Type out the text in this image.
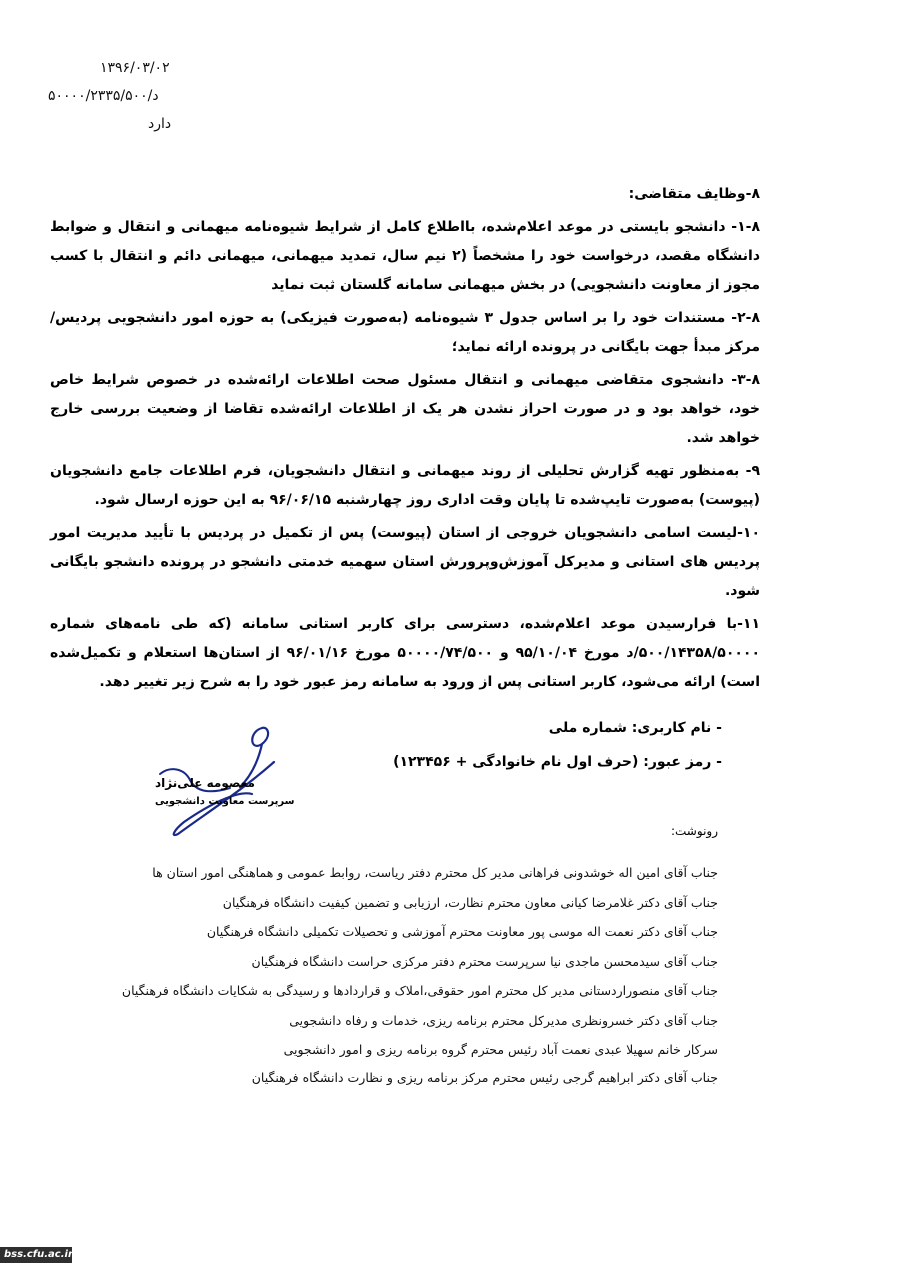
۱۳۹۶/۰۳/۰۲
د/۵۰۰۰۰/۲۳۳۵/۵۰۰
دارد
۸-وظایف متقاضی:
۱-۸- دانشجو بایستی در موعد اعلام‌شده، بااطلاع کامل از شرایط شیوه‌نامه میهمانی و انتقال و ضوابط دانشگاه مقصد، درخواست خود را مشخصاً (۲ نیم سال، تمدید میهمانی، میهمانی دائم و انتقال با کسب مجوز از معاونت دانشجویی) در بخش میهمانی سامانه گلستان ثبت نماید
۲-۸- مستندات خود را بر اساس جدول ۳ شیوه‌نامه (به‌صورت فیزیکی) به حوزه امور دانشجویی پردیس/مرکز مبدأ جهت بایگانی در پرونده ارائه نماید؛
۳-۸- دانشجوی متقاضی میهمانی و انتقال مسئول صحت اطلاعات ارائه‌شده در خصوص شرایط خاص خود، خواهد بود و در صورت احراز نشدن هر یک از اطلاعات ارائه‌شده تقاضا از وضعیت بررسی خارج خواهد شد.
۹- به‌منظور تهیه گزارش تحلیلی از روند میهمانی و انتقال دانشجویان، فرم اطلاعات جامع دانشجویان (پیوست) به‌صورت تایپ‌شده تا پایان وقت اداری روز چهارشنبه ۹۶/۰۶/۱۵ به این حوزه ارسال شود.
۱۰-لیست اسامی دانشجویان خروجی از استان (پیوست) پس از تکمیل در پردیس با تأیید مدیریت امور پردیس های استانی و مدیرکل آموزش‌وپرورش استان سهمیه خدمتی دانشجو در پرونده دانشجو بایگانی شود.
۱۱-با فرارسیدن موعد اعلام‌شده، دسترسی برای کاربر استانی سامانه (که طی نامه‌های شماره ۵۰۰/۱۴۳۵۸/۵۰۰۰۰/د مورخ ۹۵/۱۰/۰۴ و ۵۰۰۰۰/۷۴/۵۰۰ مورخ ۹۶/۰۱/۱۶ از استان‌ها استعلام و تکمیل‌شده است) ارائه می‌شود، کاربر استانی پس از ورود به سامانه رمز عبور خود را به شرح زیر تغییر دهد.
- نام کاربری: شماره ملی
- رمز عبور: (حرف اول نام خانوادگی + ۱۲۳۴۵۶)
معصومه علی‌نژاد
سرپرست معاونت دانشجویی
رونوشت:
جناب آقای امین اله خوشدونی فراهانی مدیر کل محترم دفتر ریاست، روابط عمومی و هماهنگی امور استان ها
جناب آقای دکتر غلامرضا کیانی معاون محترم نظارت، ارزیابی و تضمین کیفیت دانشگاه فرهنگیان
جناب آقای دکتر نعمت اله موسی پور معاونت محترم آموزشی و تحصیلات تکمیلی دانشگاه فرهنگیان
جناب آقای سیدمحسن ماجدی نیا سرپرست محترم دفتر مرکزی حراست دانشگاه فرهنگیان
جناب آقای منصوراردستانی مدیر کل محترم امور حقوقی،املاک و قراردادها و رسیدگی به شکایات دانشگاه فرهنگیان
جناب آقای دکتر خسرونظری مدیرکل محترم برنامه ریزی، خدمات و رفاه دانشجویی
سرکار خانم سهیلا عبدی نعمت آباد رئیس محترم گروه برنامه ریزی و امور دانشجویی
جناب آقای دکتر ابراهیم گرجی رئیس محترم مرکز برنامه ریزی و نظارت دانشگاه فرهنگیان
bss.cfu.ac.ir
